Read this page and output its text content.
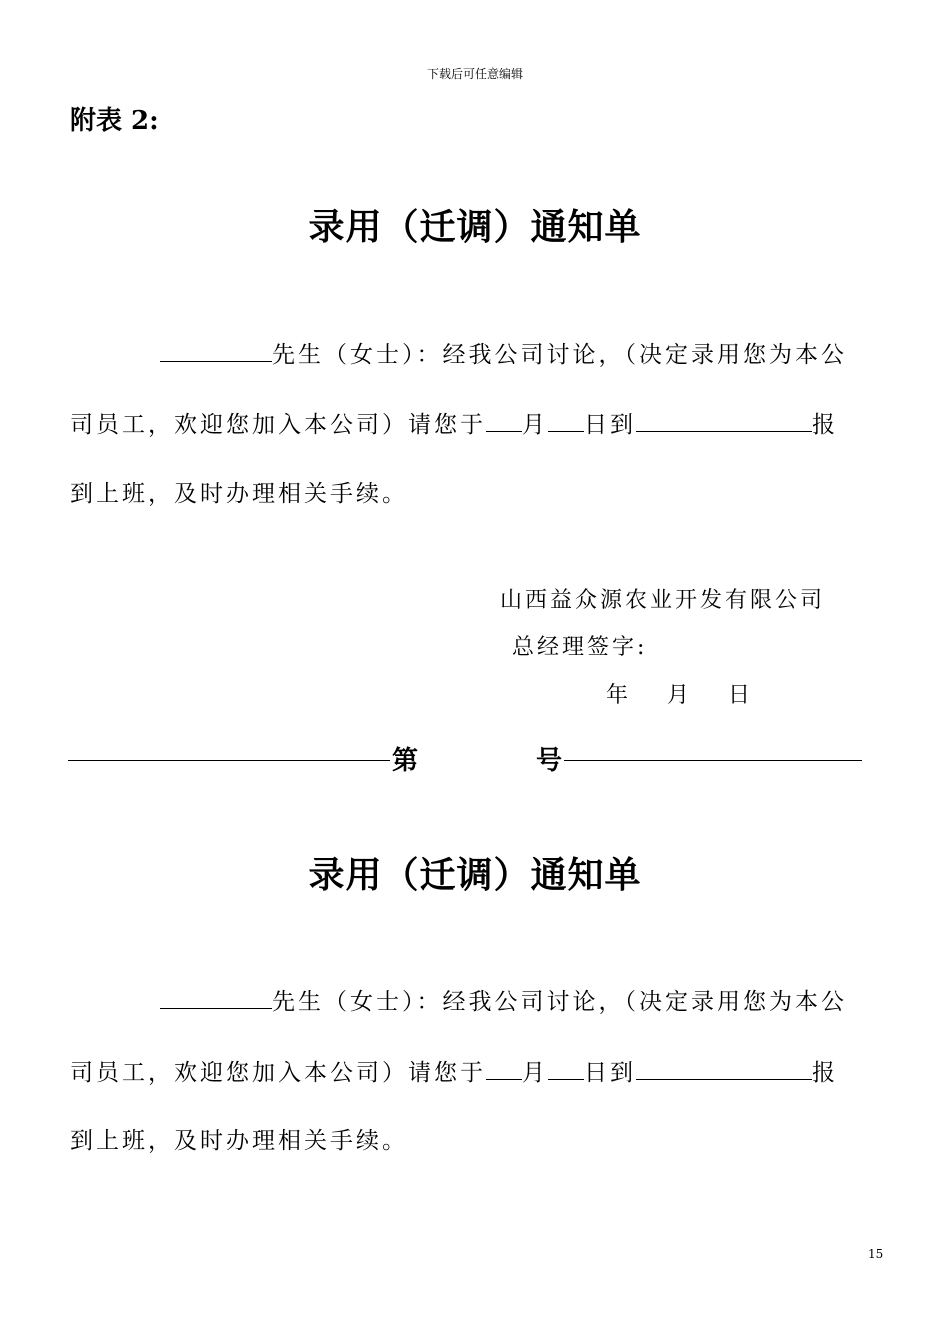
下载后可任意编辑
附表 2:
录用（迁调）通知单
先生（女士）：经我公司讨论，（决定录用您为本公
司员工，欢迎您加入本公司）请您于 月 日到	报
到上班，及时办理相关手续。
山西益众源农业开发有限公司
总经理签字:
年 月 日
第	号
录用（迁调）通知单
先生（女士）：经我公司讨论，（决定录用您为本公
司员工，欢迎您加入本公司）请您于 月 日到	报
到上班，及时办理相关手续。
15
